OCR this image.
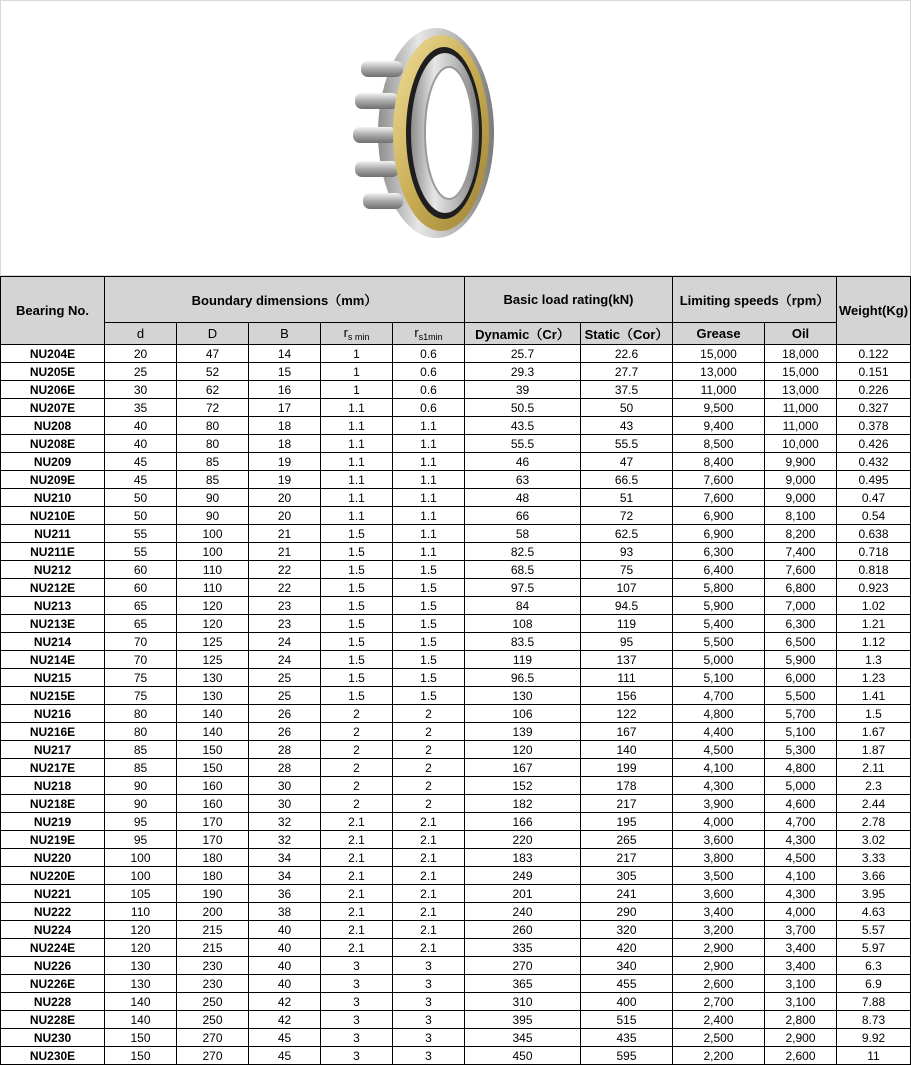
Bearing No.	Boundary dimensions（mm）					Basic load rating(kN)		Limiting speeds（rpm）		Weight(Kg)
	d	D	B	$r_{s min}$	$r_{s1min}$	Dynamic（Cr）	Static（Cor）	Grease	Oil	
NU204E	20	47	14	1	0.6	25.7	22.6	15,000	18,000	0.122
NU205E	25	52	15	1	0.6	29.3	27.7	13,000	15,000	0.151
NU206E	30	62	16	1	0.6	39	37.5	11,000	13,000	0.226
NU207E	35	72	17	1.1	0.6	50.5	50	9,500	11,000	0.327
NU208	40	80	18	1.1	1.1	43.5	43	9,400	11,000	0.378
NU208E	40	80	18	1.1	1.1	55.5	55.5	8,500	10,000	0.426
NU209	45	85	19	1.1	1.1	46	47	8,400	9,900	0.432
NU209E	45	85	19	1.1	1.1	63	66.5	7,600	9,000	0.495
NU210	50	90	20	1.1	1.1	48	51	7,600	9,000	0.47
NU210E	50	90	20	1.1	1.1	66	72	6,900	8,100	0.54
NU211	55	100	21	1.5	1.1	58	62.5	6,900	8,200	0.638
NU211E	55	100	21	1.5	1.1	82.5	93	6,300	7,400	0.718
NU212	60	110	22	1.5	1.5	68.5	75	6,400	7,600	0.818
NU212E	60	110	22	1.5	1.5	97.5	107	5,800	6,800	0.923
NU213	65	120	23	1.5	1.5	84	94.5	5,900	7,000	1.02
NU213E	65	120	23	1.5	1.5	108	119	5,400	6,300	1.21
NU214	70	125	24	1.5	1.5	83.5	95	5,500	6,500	1.12
NU214E	70	125	24	1.5	1.5	119	137	5,000	5,900	1.3
NU215	75	130	25	1.5	1.5	96.5	111	5,100	6,000	1.23
NU215E	75	130	25	1.5	1.5	130	156	4,700	5,500	1.41
NU216	80	140	26	2	2	106	122	4,800	5,700	1.5
NU216E	80	140	26	2	2	139	167	4,400	5,100	1.67
NU217	85	150	28	2	2	120	140	4,500	5,300	1.87
NU217E	85	150	28	2	2	167	199	4,100	4,800	2.11
NU218	90	160	30	2	2	152	178	4,300	5,000	2.3
NU218E	90	160	30	2	2	182	217	3,900	4,600	2.44
NU219	95	170	32	2.1	2.1	166	195	4,000	4,700	2.78
NU219E	95	170	32	2.1	2.1	220	265	3,600	4,300	3.02
NU220	100	180	34	2.1	2.1	183	217	3,800	4,500	3.33
NU220E	100	180	34	2.1	2.1	249	305	3,500	4,100	3.66
NU221	105	190	36	2.1	2.1	201	241	3,600	4,300	3.95
NU222	110	200	38	2.1	2.1	240	290	3,400	4,000	4.63
NU224	120	215	40	2.1	2.1	260	320	3,200	3,700	5.57
NU224E	120	215	40	2.1	2.1	335	420	2,900	3,400	5.97
NU226	130	230	40	3	3	270	340	2,900	3,400	6.3
NU226E	130	230	40	3	3	365	455	2,600	3,100	6.9
NU228	140	250	42	3	3	310	400	2,700	3,100	7.88
NU228E	140	250	42	3	3	395	515	2,400	2,800	8.73
NU230	150	270	45	3	3	345	435	2,500	2,900	9.92
NU230E	150	270	45	3	3	450	595	2,200	2,600	11
